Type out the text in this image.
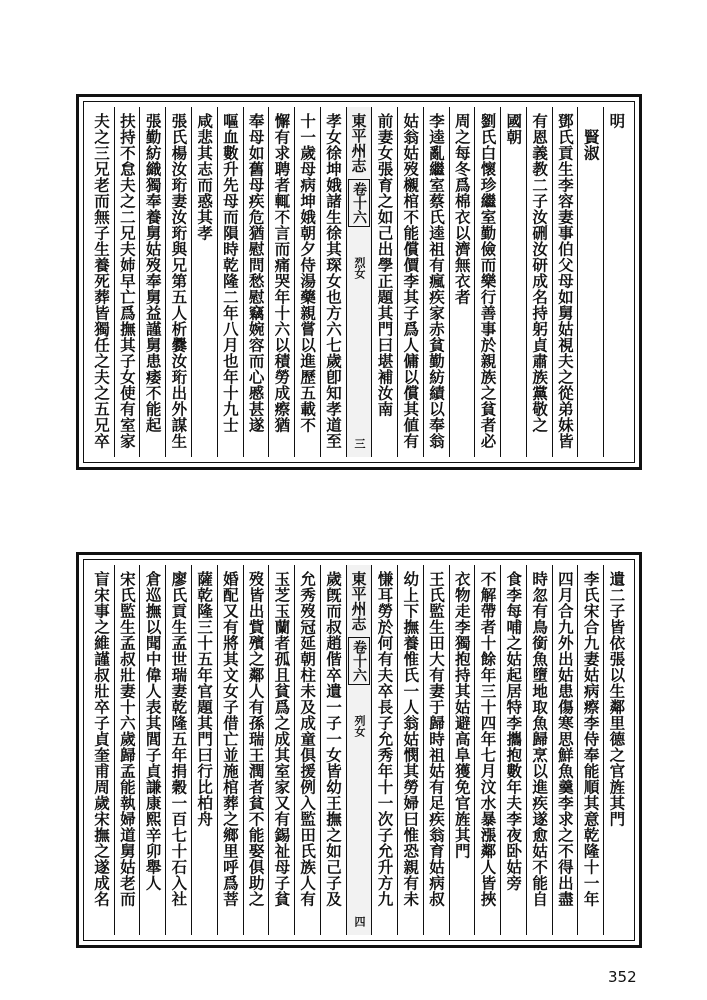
明
　賢淑
鄧氏貢生李容妻事伯父母如舅姑視夫之從弟妹皆
有恩義教二子汝硎汝研成名持躬貞肅族黨敬之
國朝
劉氏白懷珍繼室勤儉而樂行善事於親族之貧者必
周之每冬爲棉衣以濟無衣者
李逵亂繼室蔡氏逵祖有瘋疾家赤貧勤紡績以奉翁
姑翁姑歿櫬棺不能償價李其子爲人傭以償其値有
前妻女張育之如己出學正題其門曰堪補汝南
東平州志
卷十六
烈女
三
孝女徐坤娥諸生徐其琛女也方六七歲卽知孝道至
十一歲母病坤娥朝夕侍湯藥親嘗以進歷五載不
懈有求聘者輒不言而痛哭年十六以積勞成瘵猶
奉母如舊母疾危猶慰問愁慰竊婉容而心慼甚遂
嘔血數升先母而隕時乾隆二年八月也年十九士
咸悲其志而惑其孝
張氏楊汝珩妻汝珩與兄第五人析爨汝珩出外謀生
張勤紡織獨奉養舅姑歿奉舅益謹舅患痿不能起
扶持不怠夫之二兄夫姉早亡爲撫其子女使有室家
夫之三兄老而無子生養死葬皆獨任之夫之五兄卒
遺二子皆依張以生鄰里德之官旌其門
李氏宋合九妻姑病瘵李侍奉能順其意乾隆十一年
四月合九外出姑患傷寒思鮮魚羹李求之不得出盡
時忽有鳥銜魚墮地取魚歸烹以進疾遂愈姑不能自
食李每哺之姑起居特李攜抱數年夫李夜卧姑旁
不解帶者十餘年三十四年七月汶水暴漲鄰人皆挾
衣物走李獨抱持其姑避高阜獲免官旌其門
王氏監生田大有妻于歸時祖姑有足疾翁育姑病叔
幼上下撫養惟氏一人翁姑憫其勞婦曰惟恐親有未
慊耳勞於何有夫卒長子允秀年十一次子允升方九
東平州志
卷十六
列女
四
歲旣而叔趙偕卒遺一子一女皆幼王撫之如己子及
允秀歿冠延朝柱未及成童俱援例入監田氏族人有
玉芝玉蘭者孤且貧爲之成其室家又有錫祉母子貧
歿皆出貲殯之鄰人有孫瑞王潤者貧不能娶俱助之
婚配又有將其文女子借亡並施棺葬之鄉里呼爲菩
薩乾隆三十五年官題其門曰行比柏舟
廖氏貢生孟世瑞妻乾隆五年捐穀一百七十石入社
倉巡撫以聞中偉人表其閭子貞謙康熙辛卯舉人
宋氏監生孟叔壯妻十六歲歸孟能執婦道舅姑老而
盲宋事之維謹叔壯卒子貞奎甫周歲宋撫之遂成名
352
